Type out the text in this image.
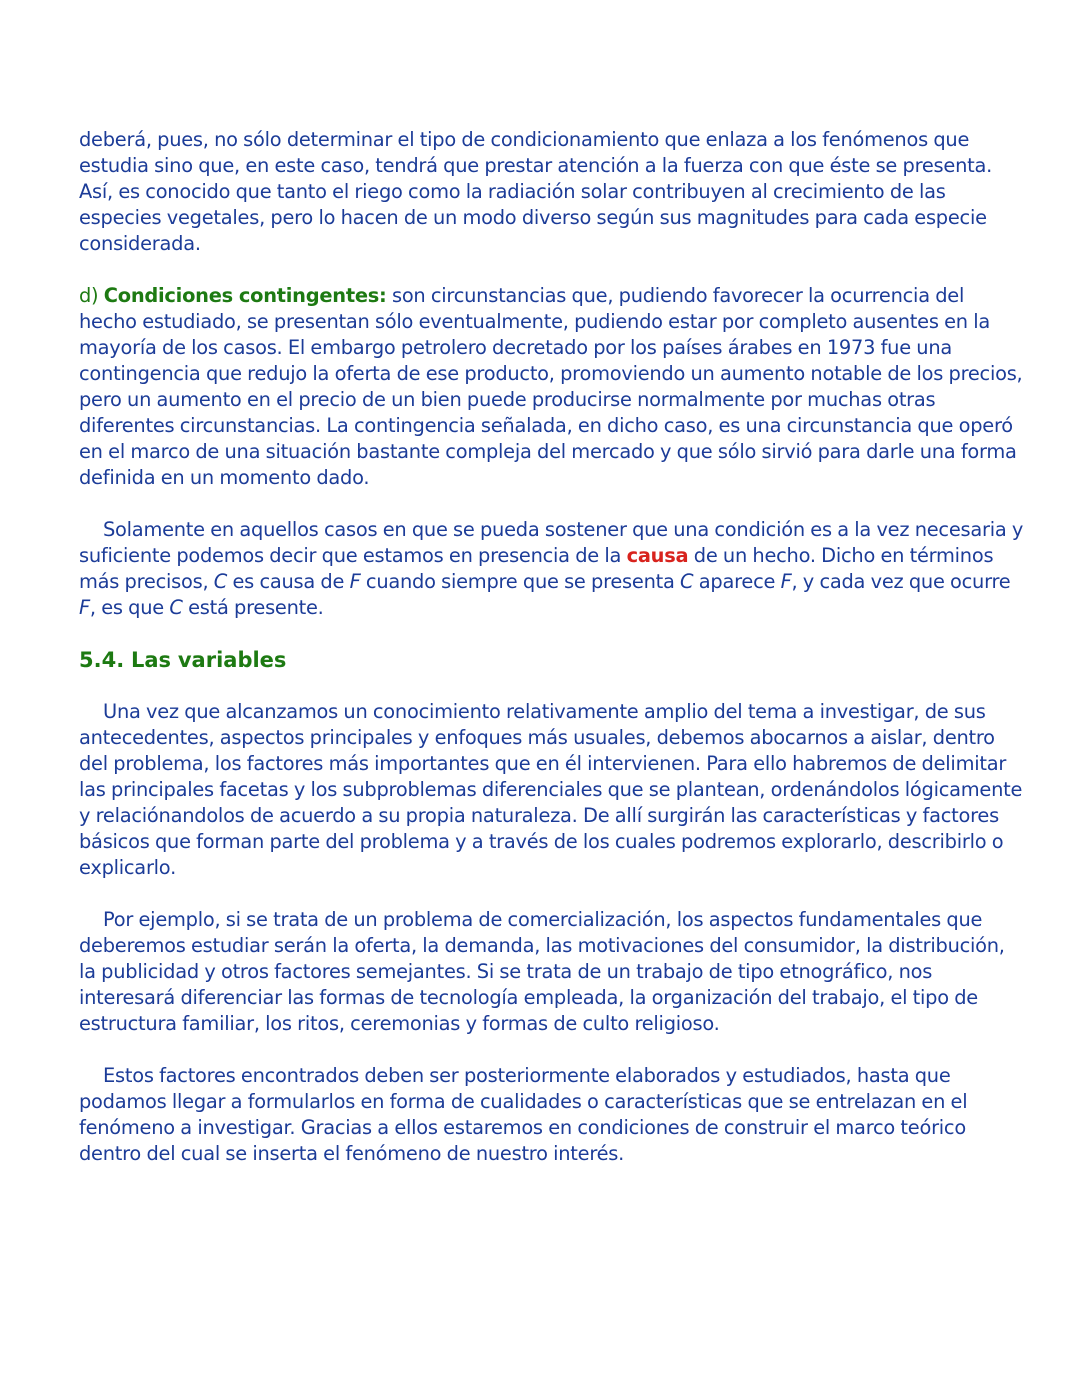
deberá, pues, no sólo determinar el tipo de condicionamiento que enlaza a los fenómenos que estudia sino que, en este caso, tendrá que prestar atención a la fuerza con que éste se presenta. Así, es conocido que tanto el riego como la radiación solar contribuyen al crecimiento de las especies vegetales, pero lo hacen de un modo diverso según sus magnitudes para cada especie considerada.

d) Condiciones contingentes: son circunstancias que, pudiendo favorecer la ocurrencia del hecho estudiado, se presentan sólo eventualmente, pudiendo estar por completo ausentes en la mayoría de los casos. El embargo petrolero decretado por los países árabes en 1973 fue una contingencia que redujo la oferta de ese producto, promoviendo un aumento notable de los precios, pero un aumento en el precio de un bien puede producirse normalmente por muchas otras diferentes circunstancias. La contingencia señalada, en dicho caso, es una circunstancia que operó en el marco de una situación bastante compleja del mercado y que sólo sirvió para darle una forma definida en un momento dado.

Solamente en aquellos casos en que se pueda sostener que una condición es a la vez necesaria y suficiente podemos decir que estamos en presencia de la causa de un hecho. Dicho en términos más precisos, C es causa de F cuando siempre que se presenta C aparece F, y cada vez que ocurre F, es que C está presente.

5.4. Las variables

Una vez que alcanzamos un conocimiento relativamente amplio del tema a investigar, de sus antecedentes, aspectos principales y enfoques más usuales, debemos abocarnos a aislar, dentro del problema, los factores más importantes que en él intervienen. Para ello habremos de delimitar las principales facetas y los subproblemas diferenciales que se plantean, ordenándolos lógicamente y relaciónandolos de acuerdo a su propia naturaleza. De allí surgirán las características y factores básicos que forman parte del problema y a través de los cuales podremos explorarlo, describirlo o explicarlo.

Por ejemplo, si se trata de un problema de comercialización, los aspectos fundamentales que deberemos estudiar serán la oferta, la demanda, las motivaciones del consumidor, la distribución, la publicidad y otros factores semejantes. Si se trata de un trabajo de tipo etnográfico, nos interesará diferenciar las formas de tecnología empleada, la organización del trabajo, el tipo de estructura familiar, los ritos, ceremonias y formas de culto religioso.

Estos factores encontrados deben ser posteriormente elaborados y estudiados, hasta que podamos llegar a formularlos en forma de cualidades o características que se entrelazan en el fenómeno a investigar. Gracias a ellos estaremos en condiciones de construir el marco teórico dentro del cual se inserta el fenómeno de nuestro interés.
